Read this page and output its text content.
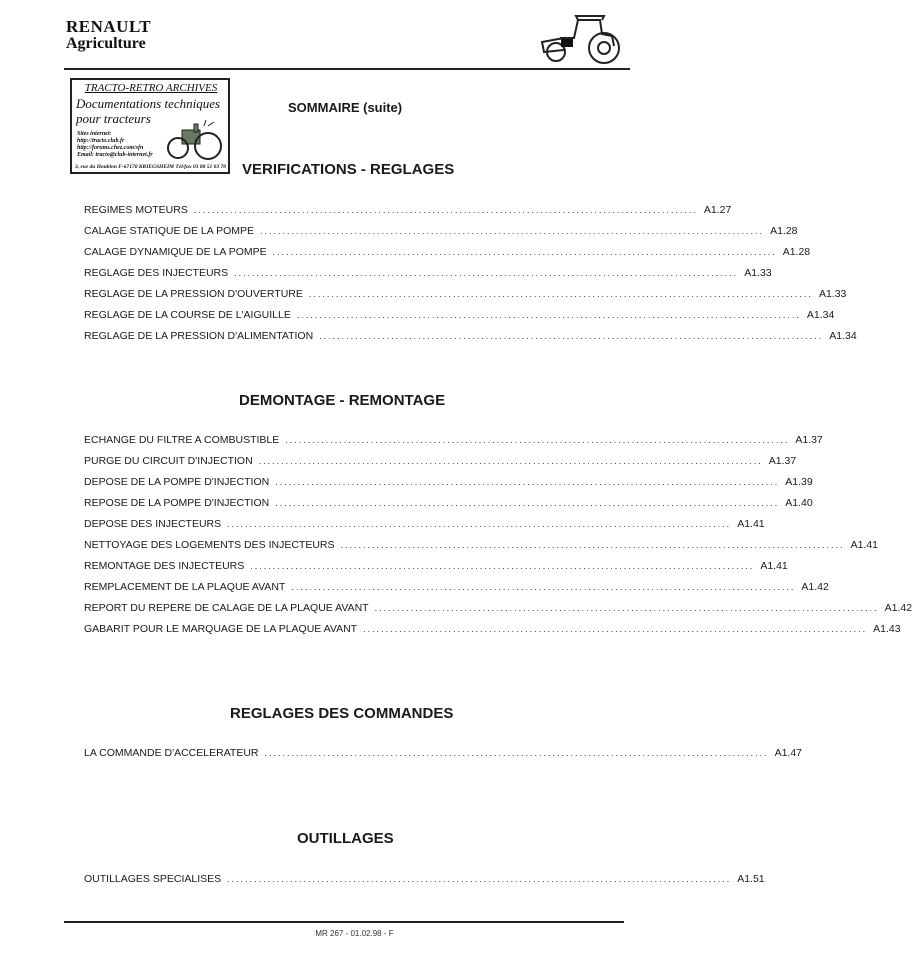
RENAULT
Agriculture
TRACTO-RETRO ARCHIVES
Documentations techniques
pour tracteurs
Sites internet:
http://tracto.club.fr
http://forums.chez.com/sfn
Email: tracto@club-internet.fr
3, rue du Houblon F-67170 KRIEGSHEIM Tél/fax 03 88 51 03 70
SOMMAIRE (suite)
VERIFICATIONS - REGLAGES
REGIMES MOTEURS ................................................................................................................ A1.27
CALAGE STATIQUE DE LA POMPE ................................................................................................................ A1.28
CALAGE DYNAMIQUE DE LA POMPE ................................................................................................................ A1.28
REGLAGE DES INJECTEURS ................................................................................................................ A1.33
REGLAGE DE LA PRESSION D'OUVERTURE ................................................................................................................ A1.33
REGLAGE DE LA COURSE DE L'AIGUILLE ................................................................................................................ A1.34
REGLAGE DE LA PRESSION D'ALIMENTATION ................................................................................................................ A1.34
DEMONTAGE - REMONTAGE
ECHANGE DU FILTRE A COMBUSTIBLE ................................................................................................................ A1.37
PURGE DU CIRCUIT D'INJECTION ................................................................................................................ A1.37
DEPOSE DE LA POMPE D'INJECTION ................................................................................................................ A1.39
REPOSE DE LA POMPE D'INJECTION ................................................................................................................ A1.40
DEPOSE DES INJECTEURS ................................................................................................................ A1.41
NETTOYAGE DES LOGEMENTS DES INJECTEURS ................................................................................................................ A1.41
REMONTAGE DES INJECTEURS ................................................................................................................ A1.41
REMPLACEMENT DE LA PLAQUE AVANT ................................................................................................................ A1.42
REPORT DU REPERE DE CALAGE DE LA PLAQUE AVANT ................................................................................................................ A1.42
GABARIT POUR LE MARQUAGE DE LA PLAQUE AVANT ................................................................................................................ A1.43
REGLAGES DES COMMANDES
LA COMMANDE D'ACCELERATEUR ................................................................................................................ A1.47
OUTILLAGES
OUTILLAGES SPECIALISES ................................................................................................................ A1.51
MR 267 - 01.02.98 - F
